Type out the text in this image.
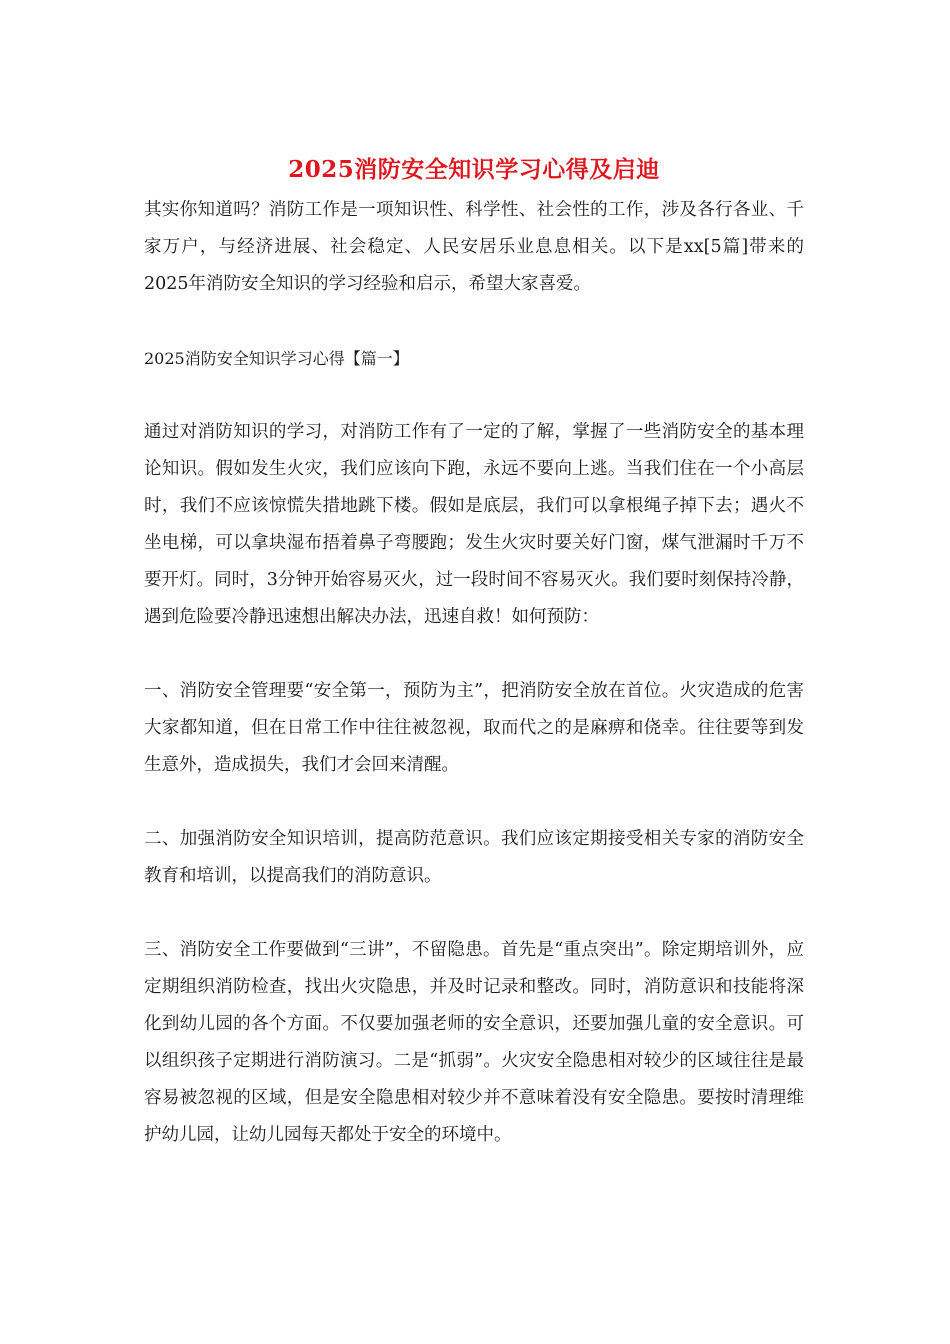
2025消防安全知识学习心得及启迪

其实你知道吗？消防工作是一项知识性、科学性、社会性的工作，涉及各行各业、千家万户，与经济进展、社会稳定、人民安居乐业息息相关。以下是xx[5篇]带来的2025年消防安全知识的学习经验和启示，希望大家喜爱。

2025消防安全知识学习心得【篇一】

通过对消防知识的学习，对消防工作有了一定的了解，掌握了一些消防安全的基本理论知识。假如发生火灾，我们应该向下跑，永远不要向上逃。当我们住在一个小高层时，我们不应该惊慌失措地跳下楼。假如是底层，我们可以拿根绳子掉下去；遇火不坐电梯，可以拿块湿布捂着鼻子弯腰跑；发生火灾时要关好门窗，煤气泄漏时千万不要开灯。同时，3分钟开始容易灭火，过一段时间不容易灭火。我们要时刻保持冷静，遇到危险要冷静迅速想出解决办法，迅速自救！如何预防：

一、消防安全管理要“安全第一，预防为主”，把消防安全放在首位。火灾造成的危害大家都知道，但在日常工作中往往被忽视，取而代之的是麻痹和侥幸。往往要等到发生意外，造成损失，我们才会回来清醒。

二、加强消防安全知识培训，提高防范意识。我们应该定期接受相关专家的消防安全教育和培训，以提高我们的消防意识。

三、消防安全工作要做到“三讲”，不留隐患。首先是“重点突出”。除定期培训外，应定期组织消防检查，找出火灾隐患，并及时记录和整改。同时，消防意识和技能将深化到幼儿园的各个方面。不仅要加强老师的安全意识，还要加强儿童的安全意识。可以组织孩子定期进行消防演习。二是“抓弱”。火灾安全隐患相对较少的区域往往是最容易被忽视的区域，但是安全隐患相对较少并不意味着没有安全隐患。要按时清理维护幼儿园，让幼儿园每天都处于安全的环境中。
